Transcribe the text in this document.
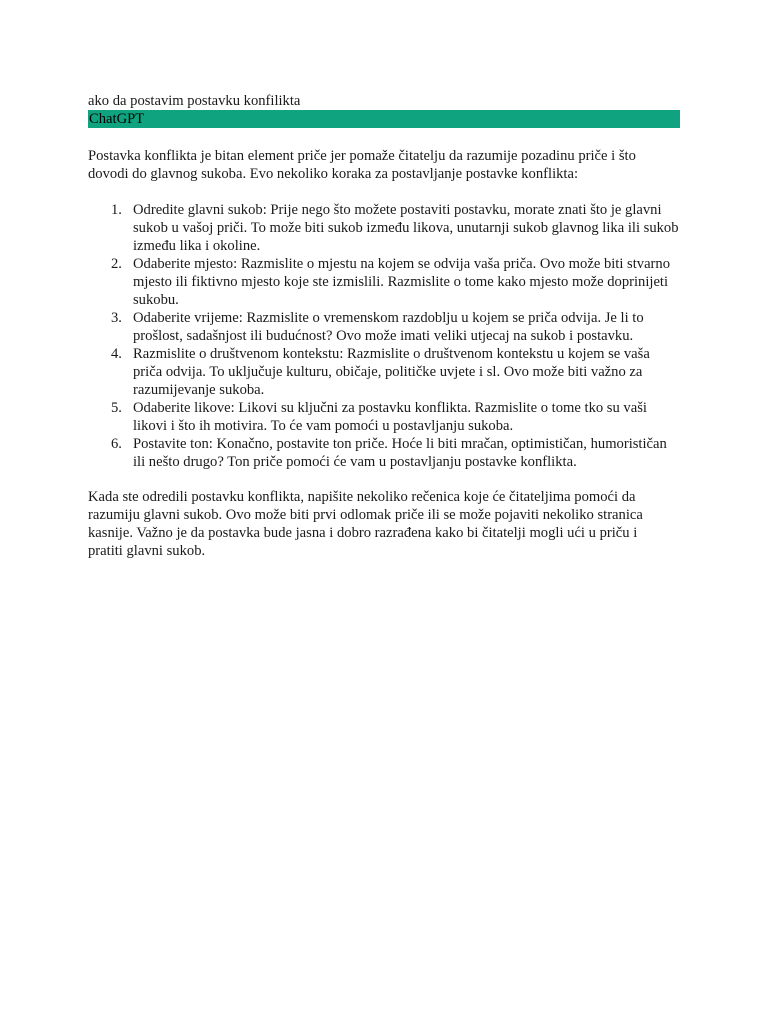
ako da postavim postavku konfilikta

ChatGPT

Postavka konflikta je bitan element priče jer pomaže čitatelju da razumije pozadinu priče i što dovodi do glavnog sukoba. Evo nekoliko koraka za postavljanje postavke konflikta:

Odredite glavni sukob: Prije nego što možete postaviti postavku, morate znati što je glavni sukob u vašoj priči. To može biti sukob između likova, unutarnji sukob glavnog lika ili sukob između lika i okoline.
Odaberite mjesto: Razmislite o mjestu na kojem se odvija vaša priča. Ovo može biti stvarno mjesto ili fiktivno mjesto koje ste izmislili. Razmislite o tome kako mjesto može doprinijeti sukobu.
Odaberite vrijeme: Razmislite o vremenskom razdoblju u kojem se priča odvija. Je li to prošlost, sadašnjost ili budućnost? Ovo može imati veliki utjecaj na sukob i postavku.
Razmislite o društvenom kontekstu: Razmislite o društvenom kontekstu u kojem se vaša priča odvija. To uključuje kulturu, običaje, političke uvjete i sl. Ovo može biti važno za razumijevanje sukoba.
Odaberite likove: Likovi su ključni za postavku konflikta. Razmislite o tome tko su vaši likovi i što ih motivira. To će vam pomoći u postavljanju sukoba.
Postavite ton: Konačno, postavite ton priče. Hoće li biti mračan, optimističan, humorističan ili nešto drugo? Ton priče pomoći će vam u postavljanju postavke konflikta.

Kada ste odredili postavku konflikta, napišite nekoliko rečenica koje će čitateljima pomoći da razumiju glavni sukob. Ovo može biti prvi odlomak priče ili se može pojaviti nekoliko stranica kasnije. Važno je da postavka bude jasna i dobro razrađena kako bi čitatelji mogli ući u priču i pratiti glavni sukob.
